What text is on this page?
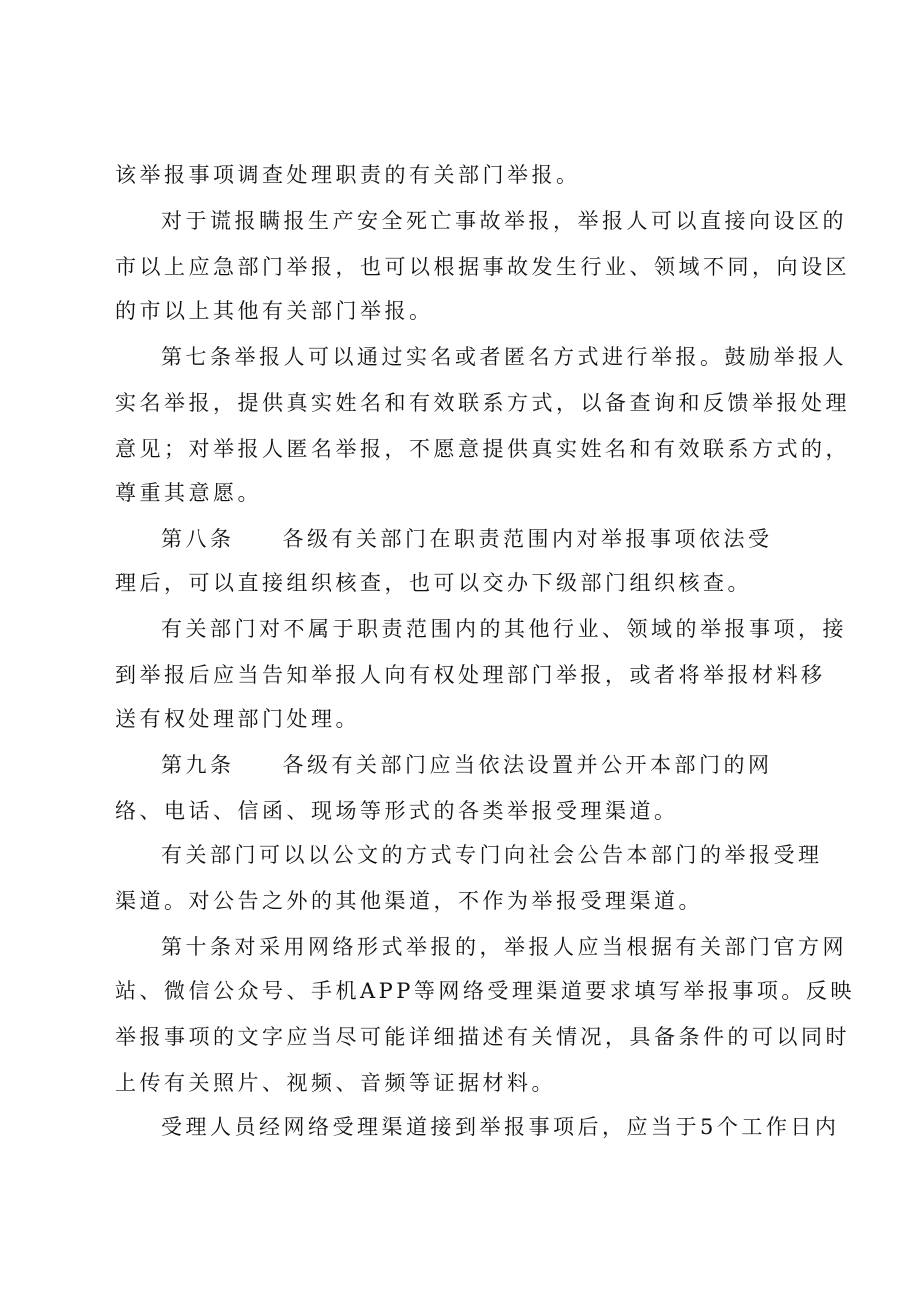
该举报事项调查处理职责的有关部门举报。
对于谎报瞒报生产安全死亡事故举报，举报人可以直接向设区的
市以上应急部门举报，也可以根据事故发生行业、领域不同，向设区
的市以上其他有关部门举报。
第七条举报人可以通过实名或者匿名方式进行举报。鼓励举报人
实名举报，提供真实姓名和有效联系方式，以备查询和反馈举报处理
意见；对举报人匿名举报，不愿意提供真实姓名和有效联系方式的，
尊重其意愿。
第八条 各级有关部门在职责范围内对举报事项依法受
理后，可以直接组织核查，也可以交办下级部门组织核查。
有关部门对不属于职责范围内的其他行业、领域的举报事项，接
到举报后应当告知举报人向有权处理部门举报，或者将举报材料移
送有权处理部门处理。
第九条 各级有关部门应当依法设置并公开本部门的网
络、电话、信函、现场等形式的各类举报受理渠道。
有关部门可以以公文的方式专门向社会公告本部门的举报受理
渠道。对公告之外的其他渠道，不作为举报受理渠道。
第十条对采用网络形式举报的，举报人应当根据有关部门官方网
站、微信公众号、手机APP等网络受理渠道要求填写举报事项。反映
举报事项的文字应当尽可能详细描述有关情况，具备条件的可以同时
上传有关照片、视频、音频等证据材料。
受理人员经网络受理渠道接到举报事项后，应当于5个工作日内
